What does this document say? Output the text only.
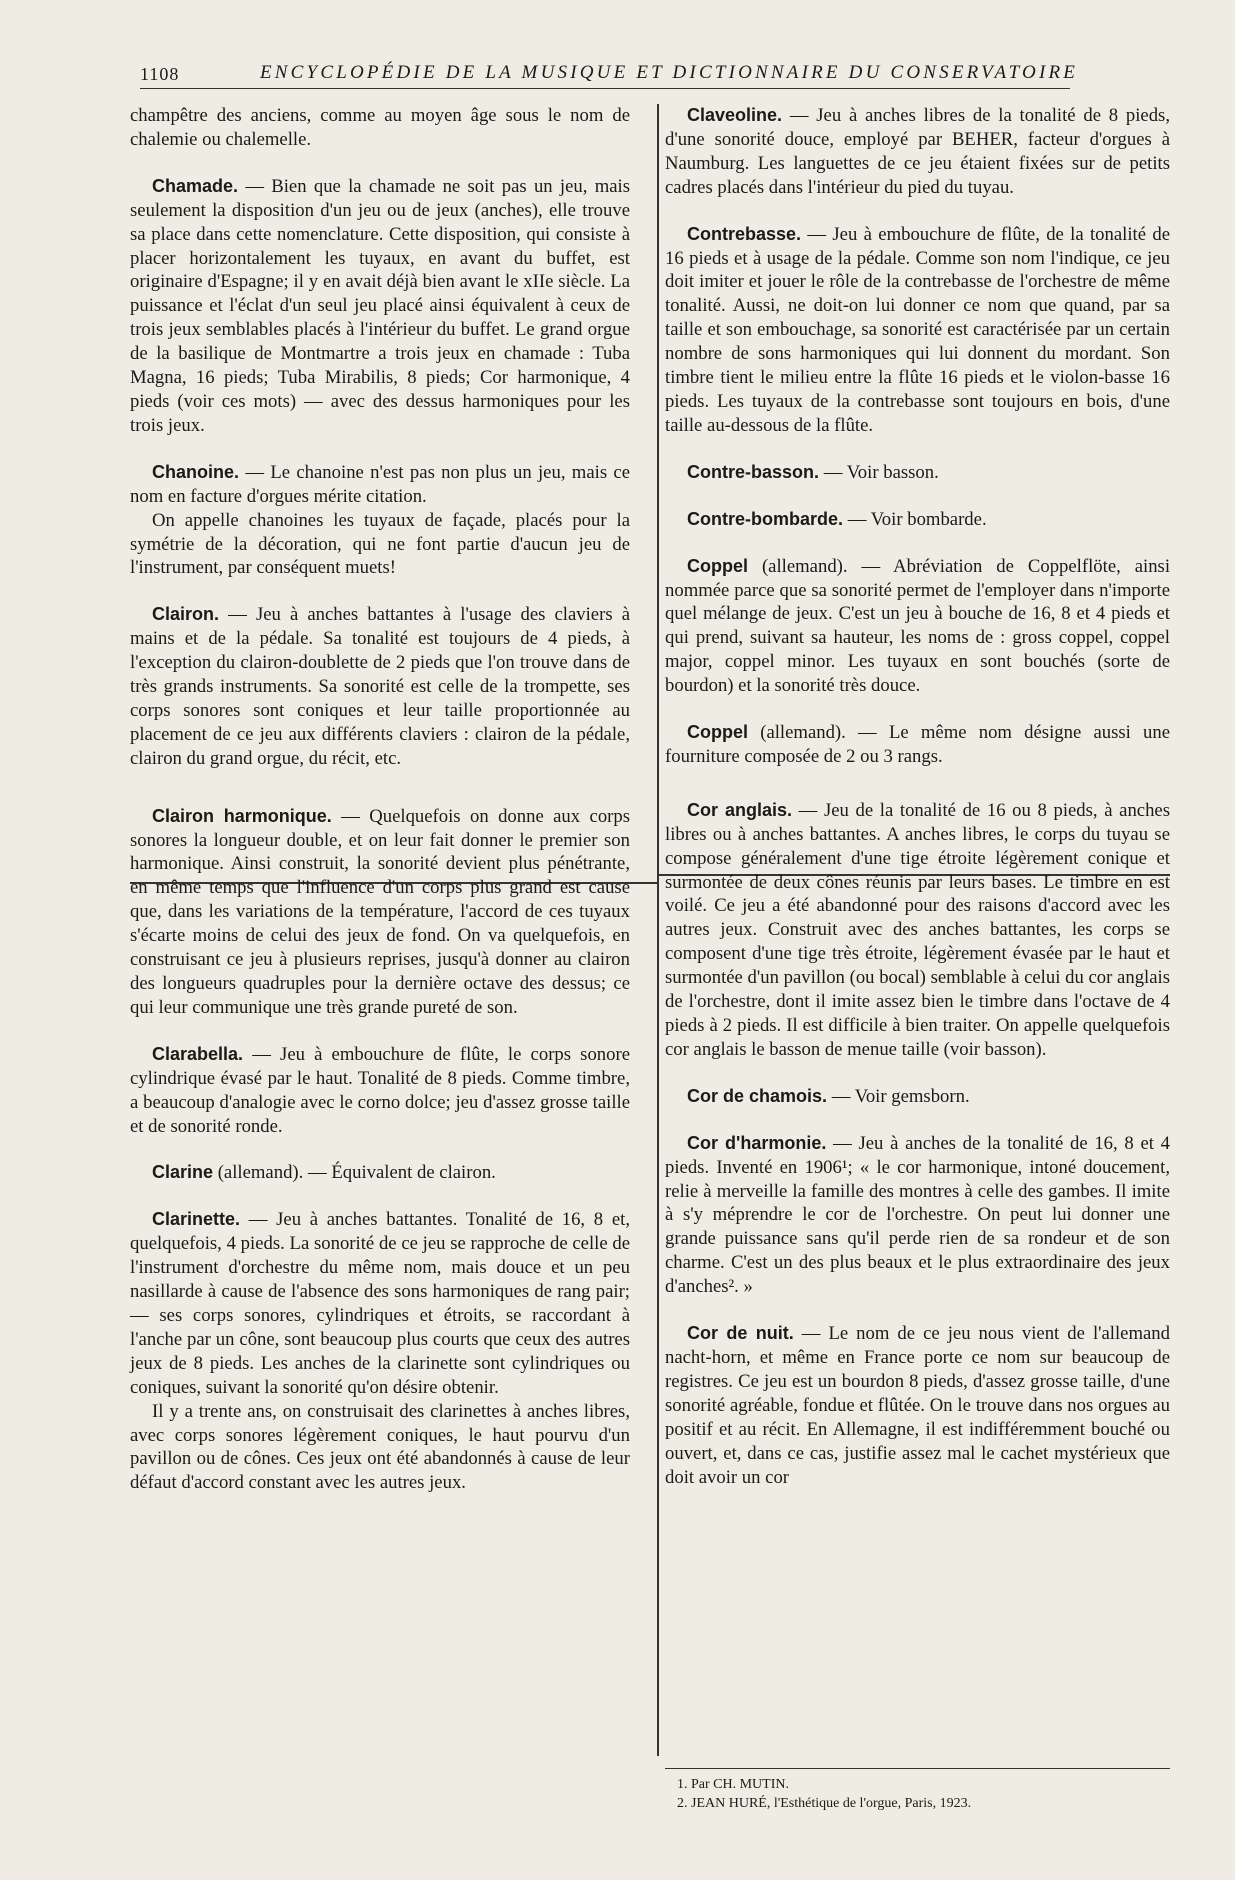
1108	ENCYCLOPÉDIE DE LA MUSIQUE ET DICTIONNAIRE DU CONSERVATOIRE
champêtre des anciens, comme au moyen âge sous le nom de chalemie ou chalemelle.

Chamade. — Bien que la chamade ne soit pas un jeu, mais seulement la disposition d'un jeu ou de jeux (anches), elle trouve sa place dans cette nomenclature. Cette disposition, qui consiste à placer horizontalement les tuyaux, en avant du buffet, est originaire d'Espagne; il y en avait déjà bien avant le xIIe siècle. La puissance et l'éclat d'un seul jeu placé ainsi équivalent à ceux de trois jeux semblables placés à l'intérieur du buffet. Le grand orgue de la basilique de Montmartre a trois jeux en chamade : Tuba Magna, 16 pieds; Tuba Mirabilis, 8 pieds; Cor harmonique, 4 pieds (voir ces mots) — avec des dessus harmoniques pour les trois jeux.

Chanoine. — Le chanoine n'est pas non plus un jeu, mais ce nom en facture d'orgues mérite citation.

On appelle chanoines les tuyaux de façade, placés pour la symétrie de la décoration, qui ne font partie d'aucun jeu de l'instrument, par conséquent muets!

Clairon. — Jeu à anches battantes à l'usage des claviers à mains et de la pédale. Sa tonalité est toujours de 4 pieds, à l'exception du clairon-doublette de 2 pieds que l'on trouve dans de très grands instruments. Sa sonorité est celle de la trompette, ses corps sonores sont coniques et leur taille proportionnée au placement de ce jeu aux différents claviers : clairon de la pédale, clairon du grand orgue, du récit, etc.

Clairon harmonique. — Quelquefois on donne aux corps sonores la longueur double, et on leur fait donner le premier son harmonique. Ainsi construit, la sonorité devient plus pénétrante, en même temps que l'influence d'un corps plus grand est cause que, dans les variations de la température, l'accord de ces tuyaux s'écarte moins de celui des jeux de fond. On va quelquefois, en construisant ce jeu à plusieurs reprises, jusqu'à donner au clairon des longueurs quadruples pour la dernière octave des dessus; ce qui leur communique une très grande pureté de son.

Clarabella. — Jeu à embouchure de flûte, le corps sonore cylindrique évasé par le haut. Tonalité de 8 pieds. Comme timbre, a beaucoup d'analogie avec le corno dolce; jeu d'assez grosse taille et de sonorité ronde.

Clarine (allemand). — Équivalent de clairon.

Clarinette. — Jeu à anches battantes. Tonalité de 16, 8 et, quelquefois, 4 pieds. La sonorité de ce jeu se rapproche de celle de l'instrument d'orchestre du même nom, mais douce et un peu nasillarde à cause de l'absence des sons harmoniques de rang pair; — ses corps sonores, cylindriques et étroits, se raccordant à l'anche par un cône, sont beaucoup plus courts que ceux des autres jeux de 8 pieds. Les anches de la clarinette sont cylindriques ou coniques, suivant la sonorité qu'on désire obtenir.

Il y a trente ans, on construisait des clarinettes à anches libres, avec corps sonores légèrement coniques, le haut pourvu d'un pavillon ou de cônes. Ces jeux ont été abandonnés à cause de leur défaut d'accord constant avec les autres jeux.

Claveoline. — Jeu à anches libres de la tonalité de 8 pieds, d'une sonorité douce, employé par BEHER, facteur d'orgues à Naumburg. Les languettes de ce jeu étaient fixées sur de petits cadres placés dans l'intérieur du pied du tuyau.

Contrebasse. — Jeu à embouchure de flûte, de la tonalité de 16 pieds et à usage de la pédale. Comme son nom l'indique, ce jeu doit imiter et jouer le rôle de la contrebasse de l'orchestre de même tonalité. Aussi, ne doit-on lui donner ce nom que quand, par sa taille et son embouchage, sa sonorité est caractérisée par un certain nombre de sons harmoniques qui lui donnent du mordant. Son timbre tient le milieu entre la flûte 16 pieds et le violon-basse 16 pieds. Les tuyaux de la contrebasse sont toujours en bois, d'une taille au-dessous de la flûte.

Contre-basson. — Voir basson.

Contre-bombarde. — Voir bombarde.

Coppel (allemand). — Abréviation de Coppelflöte, ainsi nommée parce que sa sonorité permet de l'employer dans n'importe quel mélange de jeux. C'est un jeu à bouche de 16, 8 et 4 pieds et qui prend, suivant sa hauteur, les noms de : gross coppel, coppel major, coppel minor. Les tuyaux en sont bouchés (sorte de bourdon) et la sonorité très douce.

Coppel (allemand). — Le même nom désigne aussi une fourniture composée de 2 ou 3 rangs.

Cor anglais. — Jeu de la tonalité de 16 ou 8 pieds, à anches libres ou à anches battantes. A anches libres, le corps du tuyau se compose généralement d'une tige étroite légèrement conique et surmontée de deux cônes réunis par leurs bases. Le timbre en est voilé. Ce jeu a été abandonné pour des raisons d'accord avec les autres jeux. Construit avec des anches battantes, les corps se composent d'une tige très étroite, légèrement évasée par le haut et surmontée d'un pavillon (ou bocal) semblable à celui du cor anglais de l'orchestre, dont il imite assez bien le timbre dans l'octave de 4 pieds à 2 pieds. Il est difficile à bien traiter. On appelle quelquefois cor anglais le basson de menue taille (voir basson).

Cor de chamois. — Voir gemsborn.

Cor d'harmonie. — Jeu à anches de la tonalité de 16, 8 et 4 pieds. Inventé en 1906¹; « le cor harmonique, intoné doucement, relie à merveille la famille des montres à celle des gambes. Il imite à s'y méprendre le cor de l'orchestre. On peut lui donner une grande puissance sans qu'il perde rien de sa rondeur et de son charme. C'est un des plus beaux et le plus extraordinaire des jeux d'anches². »

Cor de nuit. — Le nom de ce jeu nous vient de l'allemand nacht-horn, et même en France porte ce nom sur beaucoup de registres. Ce jeu est un bourdon 8 pieds, d'assez grosse taille, d'une sonorité agréable, fondue et flûtée. On le trouve dans nos orgues au positif et au récit. En Allemagne, il est indifféremment bouché ou ouvert, et, dans ce cas, justifie assez mal le cachet mystérieux que doit avoir un cor

1. Par CH. MUTIN.
2. JEAN HURÉ, l'Esthétique de l'orgue, Paris, 1923.
